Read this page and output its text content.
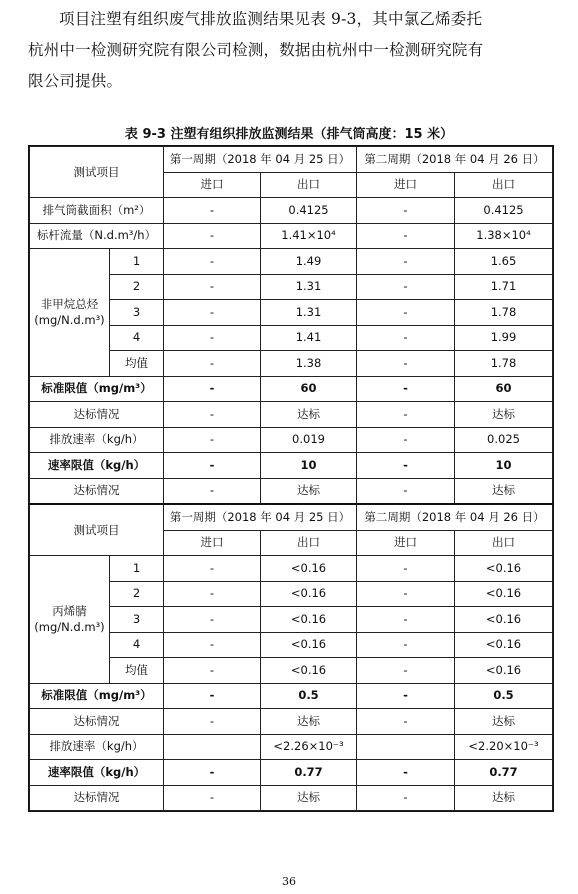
项目注塑有组织废气排放监测结果见表 9-3，其中氯乙烯委托

杭州中一检测研究院有限公司检测，数据由杭州中一检测研究院有

限公司提供。

表 9-3 注塑有组织排放监测结果（排气筒高度：15 米）
测试项目		第一周期（2018 年 04 月 25 日）		第二周期（2018 年 04 月 26 日）	
		进口	出口	进口	出口
排气筒截面积（m²）		-	0.4125	-	0.4125
标杆流量（N.d.m³/h）		-	1.41×10⁴	-	1.38×10⁴

非甲烷总烃
(mg/N.d.m³)	1	-	1.49	-	1.65
	2	-	1.31	-	1.71
	3	-	1.31	-	1.78
	4	-	1.41	-	1.99
	均值	-	1.38	-	1.78
标准限值（mg/m³）		-	60	-	60
达标情况		-	达标	-	达标
排放速率（kg/h）		-	0.019	-	0.025
速率限值（kg/h）		-	10	-	10
达标情况		-	达标	-	达标
测试项目		第一周期（2018 年 04 月 25 日）		第二周期（2018 年 04 月 26 日）	
		进口	出口	进口	出口

丙烯腈
(mg/N.d.m³)	1	-	<0.16	-	<0.16
	2	-	<0.16	-	<0.16
	3	-	<0.16	-	<0.16
	4	-	<0.16	-	<0.16
	均值	-	<0.16	-	<0.16
标准限值（mg/m³）		-	0.5	-	0.5
达标情况		-	达标	-	达标
排放速率（kg/h）			<2.26×10⁻³		<2.20×10⁻³
速率限值（kg/h）		-	0.77	-	0.77
达标情况		-	达标	-	达标
36
